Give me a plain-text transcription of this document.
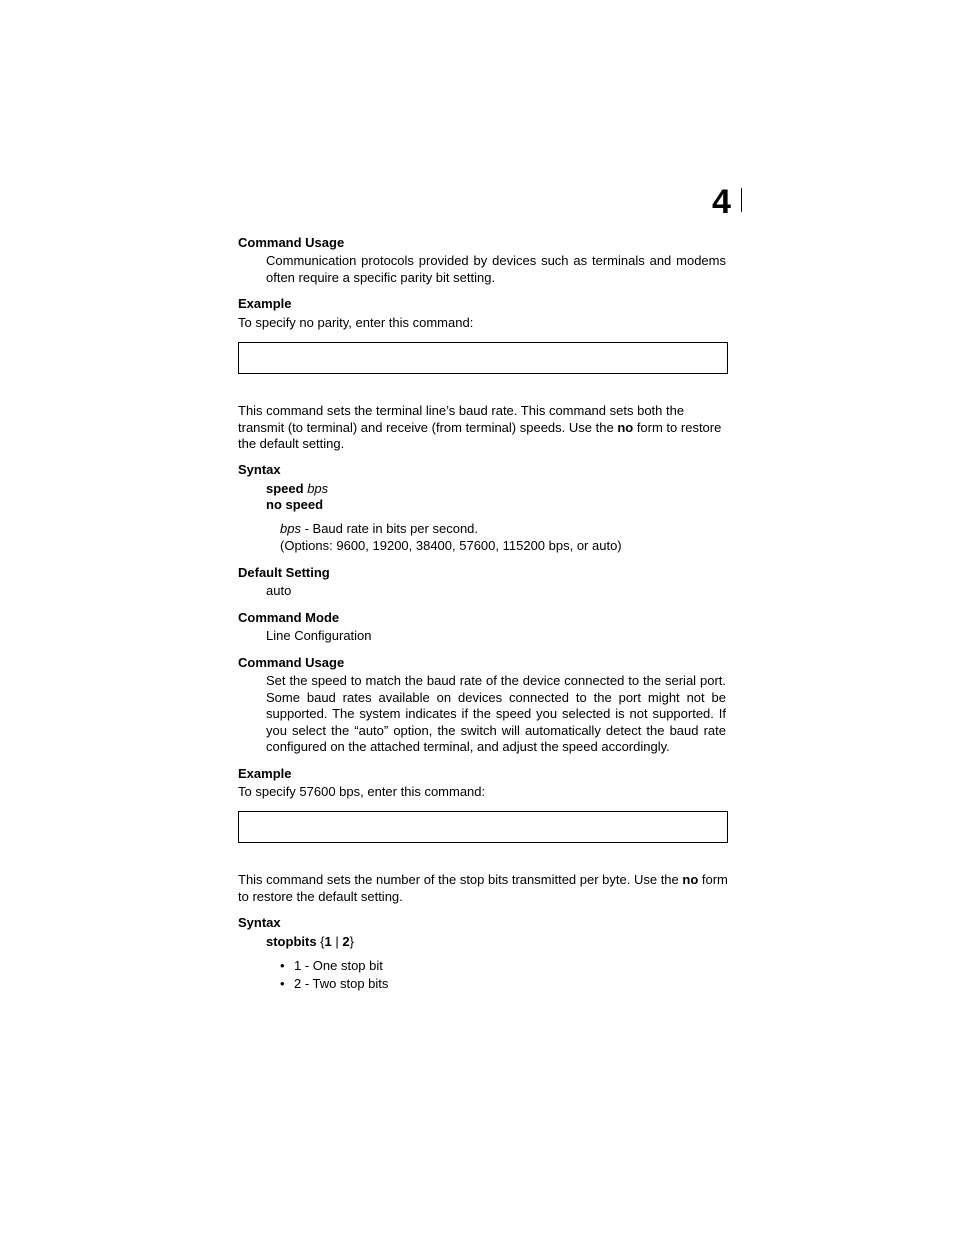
4
Command Usage
Communication protocols provided by devices such as terminals and modems often require a specific parity bit setting.
Example
To specify no parity, enter this command:
This command sets the terminal line’s baud rate. This command sets both the transmit (to terminal) and receive (from terminal) speeds. Use the no form to restore the default setting.
Syntax
speed bps
no speed
bps - Baud rate in bits per second.
(Options: 9600, 19200, 38400, 57600, 115200 bps, or auto)
Default Setting
auto
Command Mode
Line Configuration
Command Usage
Set the speed to match the baud rate of the device connected to the serial port. Some baud rates available on devices connected to the port might not be supported. The system indicates if the speed you selected is not supported. If you select the “auto” option, the switch will automatically detect the baud rate configured on the attached terminal, and adjust the speed accordingly.
Example
To specify 57600 bps, enter this command:
This command sets the number of the stop bits transmitted per byte. Use the no form to restore the default setting.
Syntax
stopbits {1 | 2}
• 1 - One stop bit
• 2 - Two stop bits
